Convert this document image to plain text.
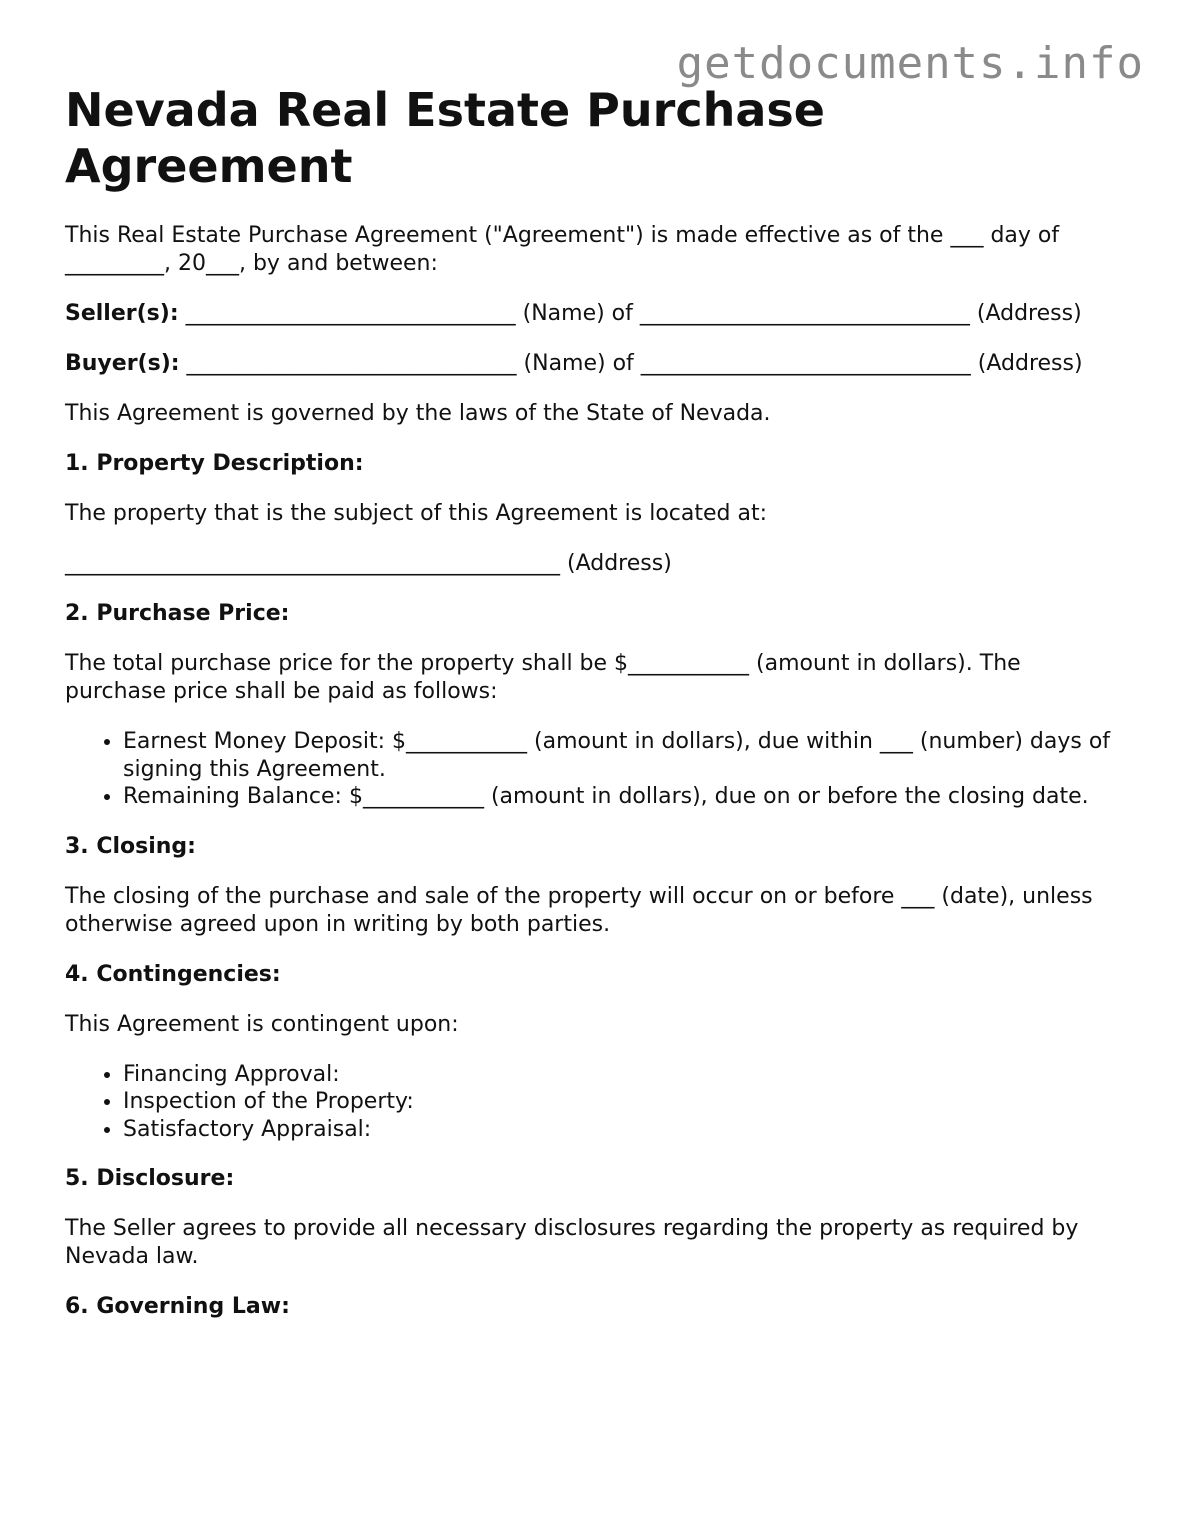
getdocuments.info
Nevada Real Estate Purchase Agreement

This Real Estate Purchase Agreement ("Agreement") is made effective as of the ___ day of _________, 20___, by and between:

Seller(s): ______________________________ (Name) of ______________________________ (Address)

Buyer(s): ______________________________ (Name) of ______________________________ (Address)

This Agreement is governed by the laws of the State of Nevada.

1. Property Description:

The property that is the subject of this Agreement is located at:

_____________________________________________ (Address)

2. Purchase Price:

The total purchase price for the property shall be $___________ (amount in dollars). The purchase price shall be paid as follows:

• Earnest Money Deposit: $___________ (amount in dollars), due within ___ (number) days of signing this Agreement.
• Remaining Balance: $___________ (amount in dollars), due on or before the closing date.

3. Closing:

The closing of the purchase and sale of the property will occur on or before ___ (date), unless otherwise agreed upon in writing by both parties.

4. Contingencies:

This Agreement is contingent upon:

• Financing Approval:
• Inspection of the Property:
• Satisfactory Appraisal:

5. Disclosure:

The Seller agrees to provide all necessary disclosures regarding the property as required by Nevada law.

6. Governing Law:
